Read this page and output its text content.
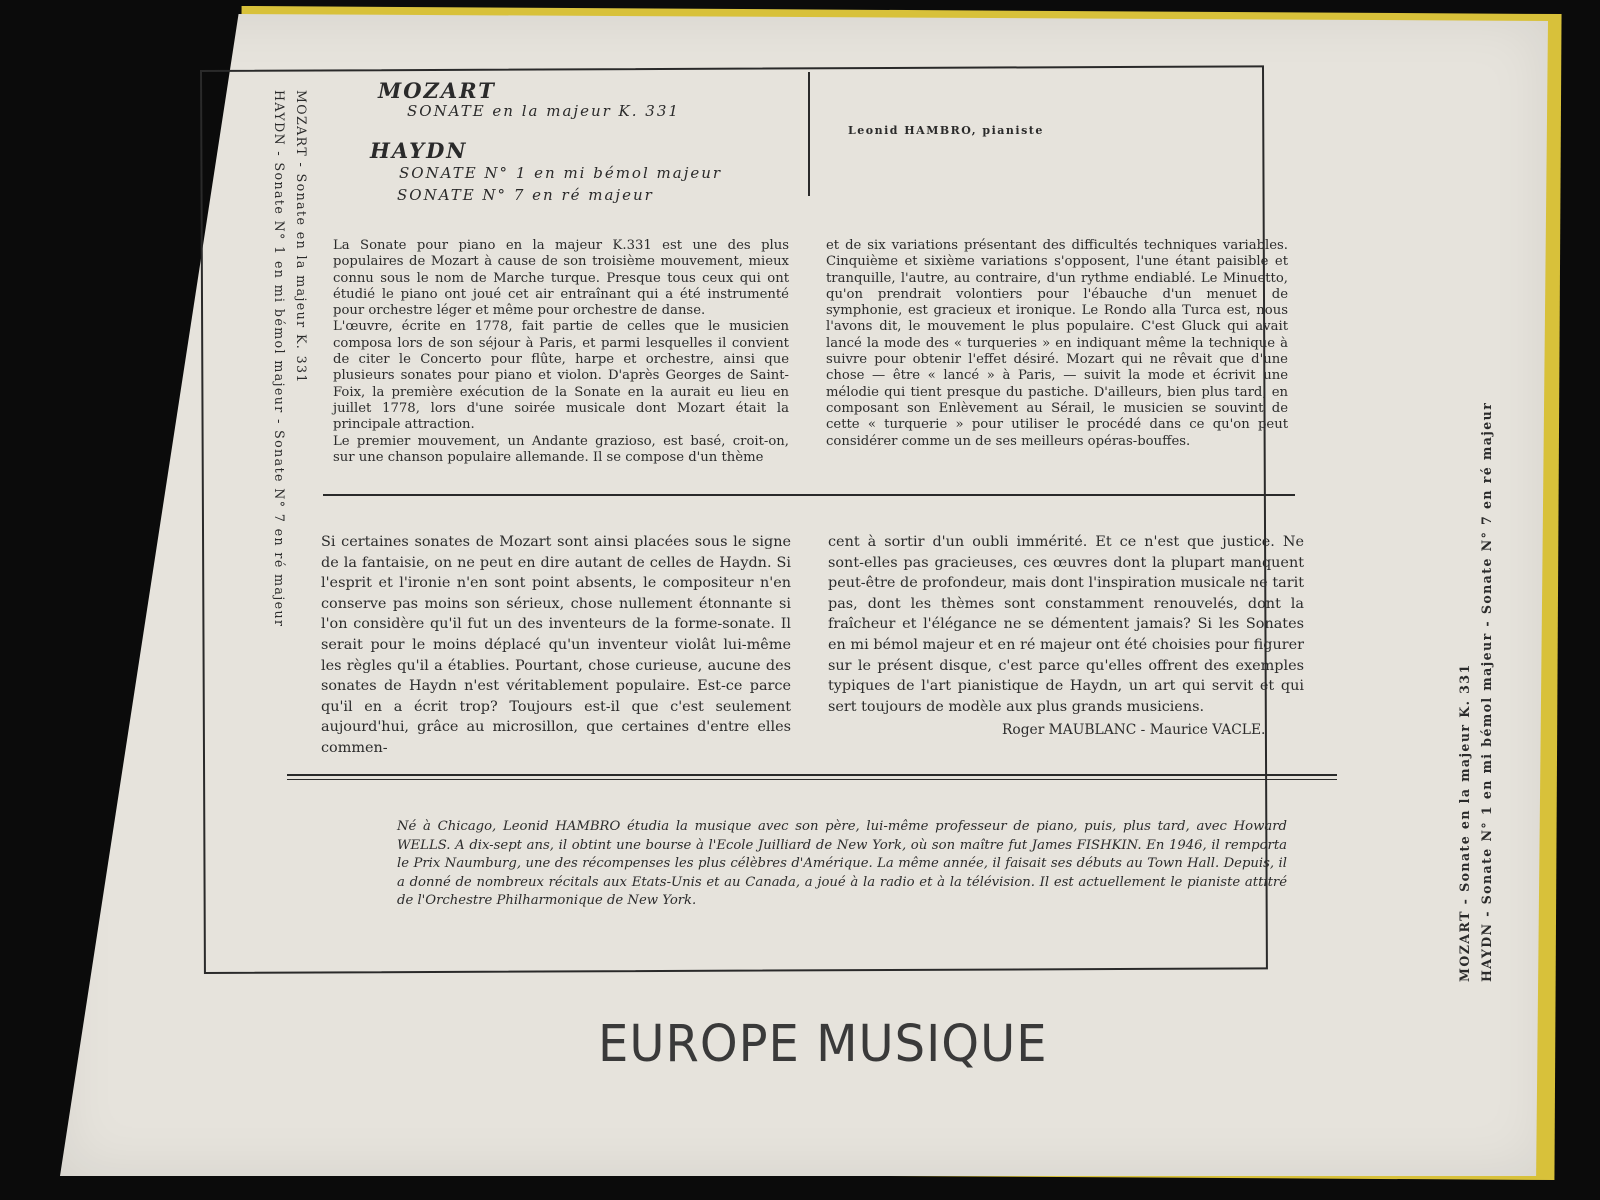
MOZART - Sonate en la majeur K. 331
HAYDN - Sonate N° 1 en mi bémol majeur - Sonate N° 7 en ré majeur
MOZART - Sonate en la majeur K. 331 HAYDN - Sonate N° 1 en mi bémol majeur - Sonate N° 7 en ré majeur
MOZART
SONATE en la majeur K. 331
HAYDN
SONATE N° 1 en mi bémol majeur
SONATE N° 7 en ré majeur
Leonid HAMBRO, pianiste
La Sonate pour piano en la majeur K.331 est une des plus populaires de Mozart à cause de son troisième mouvement, mieux connu sous le nom de Marche turque. Presque tous ceux qui ont étudié le piano ont joué cet air entraînant qui a été instrumenté pour orchestre léger et même pour orchestre de danse.
L'œuvre, écrite en 1778, fait partie de celles que le musicien composa lors de son séjour à Paris, et parmi lesquelles il convient de citer le Concerto pour flûte, harpe et orchestre, ainsi que plusieurs sonates pour piano et violon. D'après Georges de Saint-Foix, la première exécution de la Sonate en la aurait eu lieu en juillet 1778, lors d'une soirée musicale dont Mozart était la principale attraction.
Le premier mouvement, un Andante grazioso, est basé, croit-on, sur une chanson populaire allemande. Il se compose d'un thème
et de six variations présentant des difficultés techniques variables. Cinquième et sixième variations s'opposent, l'une étant paisible et tranquille, l'autre, au contraire, d'un rythme endiablé. Le Minuetto, qu'on prendrait volontiers pour l'ébauche d'un menuet de symphonie, est gracieux et ironique. Le Rondo alla Turca est, nous l'avons dit, le mouvement le plus populaire. C'est Gluck qui avait lancé la mode des « turqueries » en indiquant même la technique à suivre pour obtenir l'effet désiré. Mozart qui ne rêvait que d'une chose — être « lancé » à Paris, — suivit la mode et écrivit une mélodie qui tient presque du pastiche. D'ailleurs, bien plus tard, en composant son Enlèvement au Sérail, le musicien se souvint de cette « turquerie » pour utiliser le procédé dans ce qu'on peut considérer comme un de ses meilleurs opéras-bouffes.
Si certaines sonates de Mozart sont ainsi placées sous le signe de la fantaisie, on ne peut en dire autant de celles de Haydn. Si l'esprit et l'ironie n'en sont point absents, le compositeur n'en conserve pas moins son sérieux, chose nullement étonnante si l'on considère qu'il fut un des inventeurs de la forme-sonate. Il serait pour le moins déplacé qu'un inventeur violât lui-même les règles qu'il a établies. Pourtant, chose curieuse, aucune des sonates de Haydn n'est véritablement populaire. Est-ce parce qu'il en a écrit trop? Toujours est-il que c'est seulement aujourd'hui, grâce au microsillon, que certaines d'entre elles commen-
cent à sortir d'un oubli immérité. Et ce n'est que justice. Ne sont-elles pas gracieuses, ces œuvres dont la plupart manquent peut-être de profondeur, mais dont l'inspiration musicale ne tarit pas, dont les thèmes sont constamment renouvelés, dont la fraîcheur et l'élégance ne se démentent jamais? Si les Sonates en mi bémol majeur et en ré majeur ont été choisies pour figurer sur le présent disque, c'est parce qu'elles offrent des exemples typiques de l'art pianistique de Haydn, un art qui servit et qui sert toujours de modèle aux plus grands musiciens.
Roger MAUBLANC - Maurice VACLE.
Né à Chicago, Leonid HAMBRO étudia la musique avec son père, lui-même professeur de piano, puis, plus tard, avec Howard WELLS. A dix-sept ans, il obtint une bourse à l'Ecole Juilliard de New York, où son maître fut James FISHKIN. En 1946, il remporta le Prix Naumburg, une des récompenses les plus célèbres d'Amérique. La même année, il faisait ses débuts au Town Hall. Depuis, il a donné de nombreux récitals aux Etats-Unis et au Canada, a joué à la radio et à la télévision. Il est actuellement le pianiste attitré de l'Orchestre Philharmonique de New York.
EUROPE MUSIQUE
